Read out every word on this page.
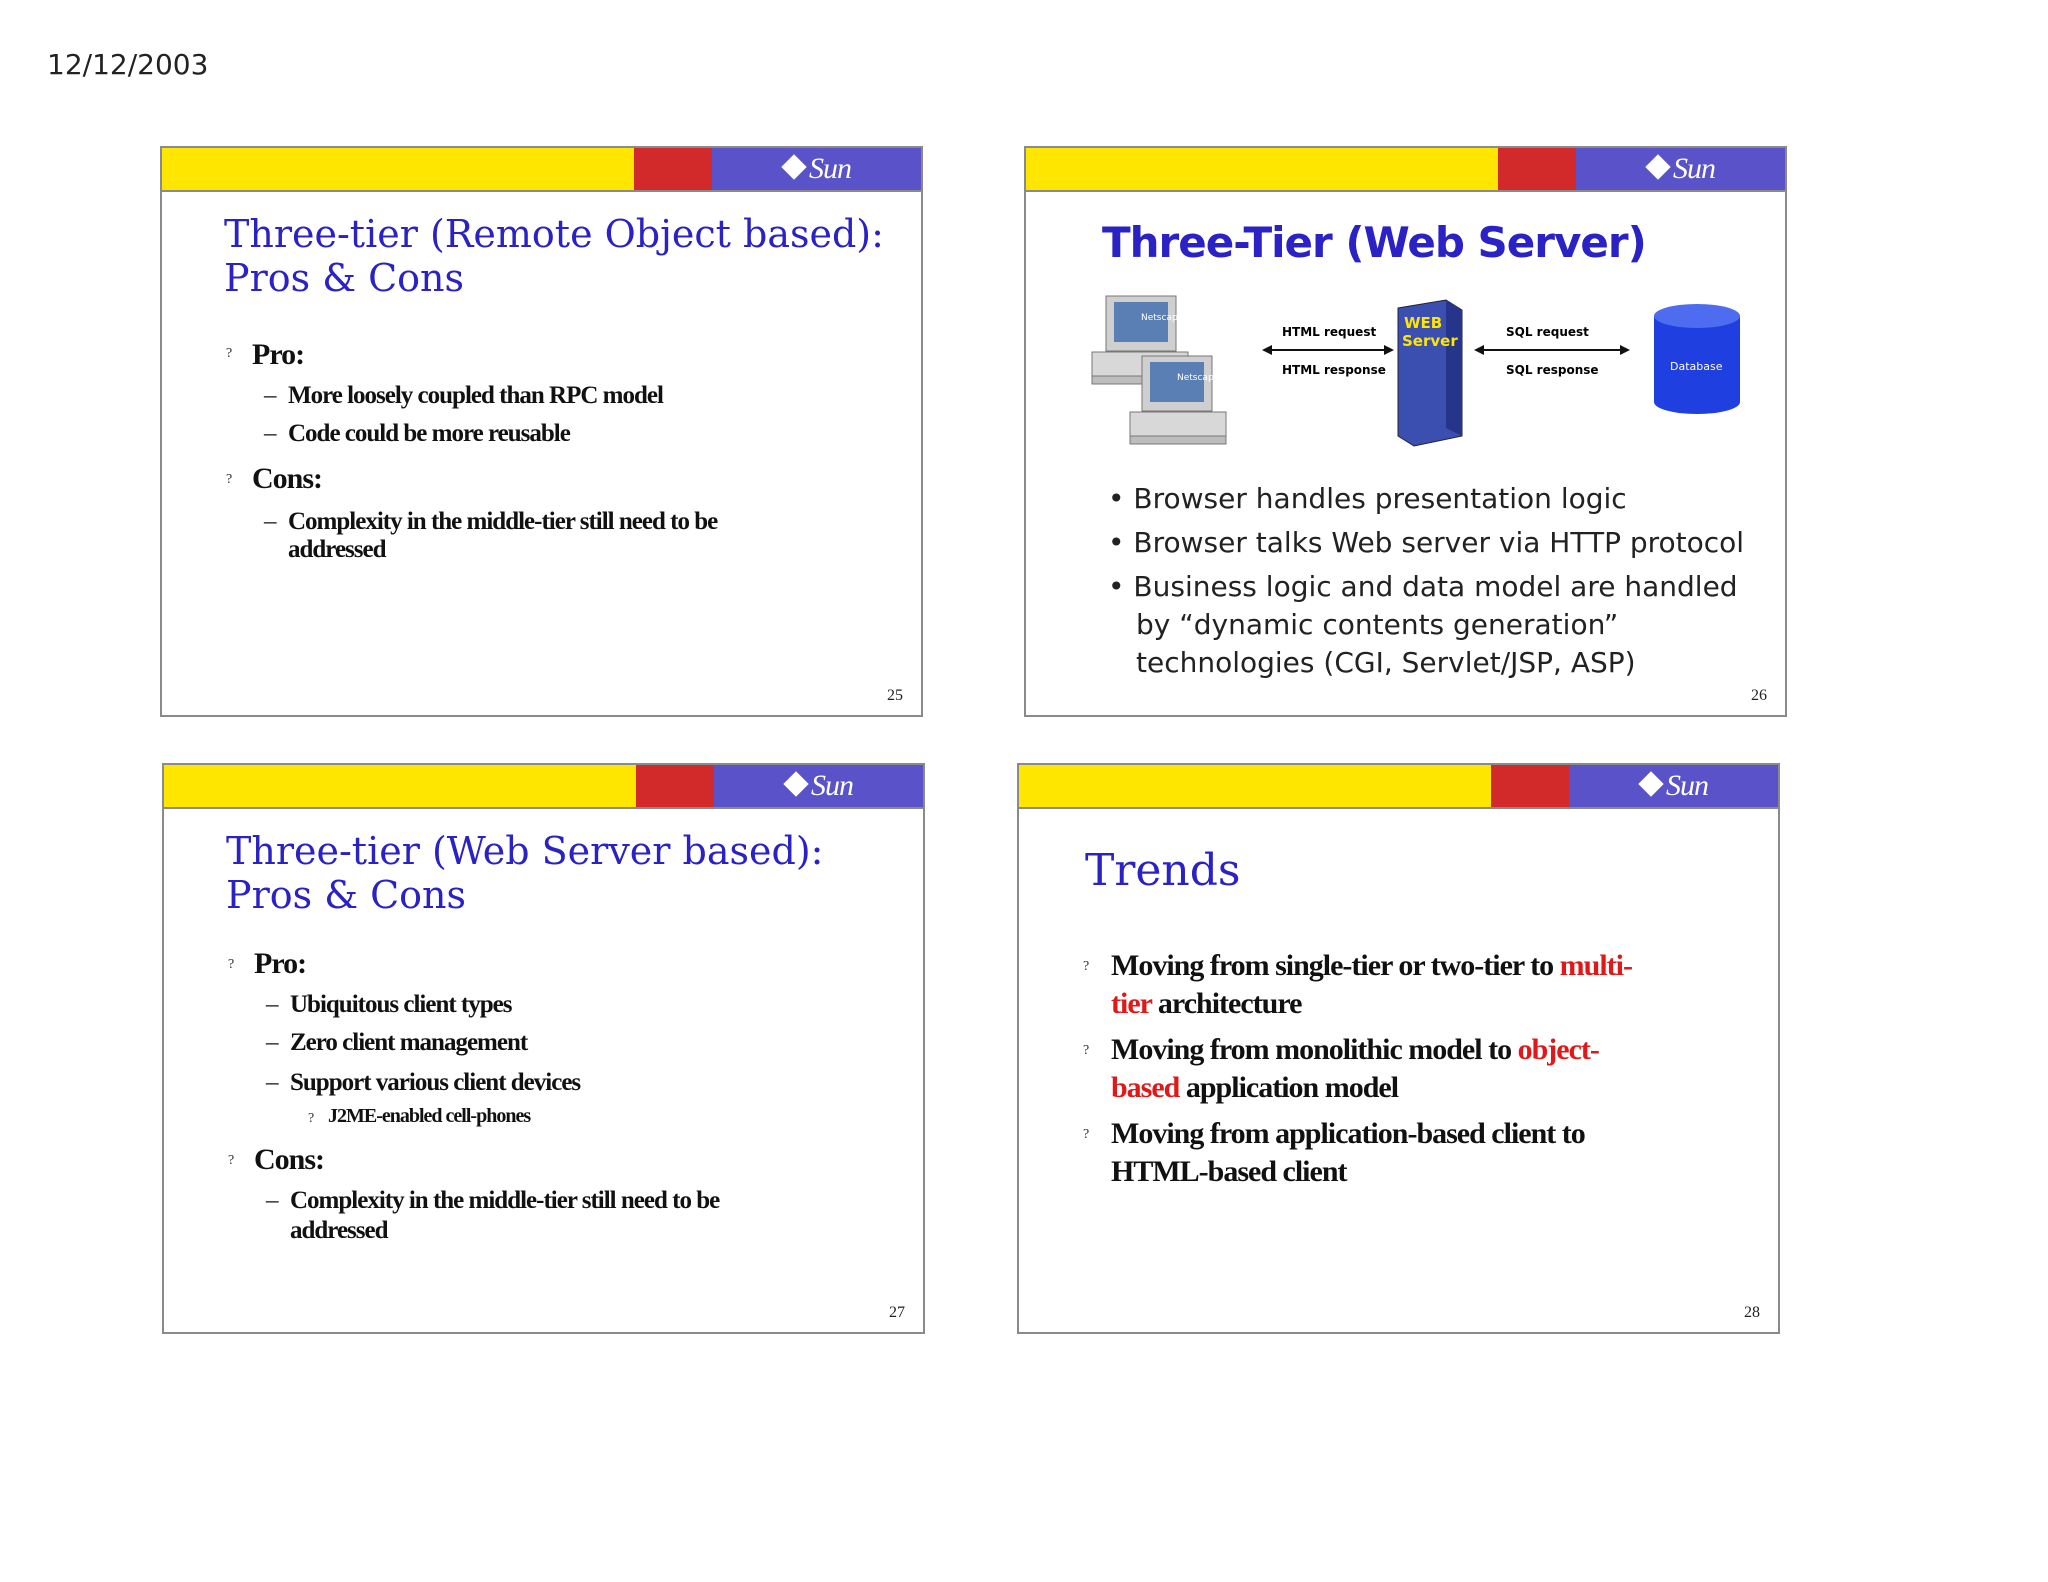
12/12/2003
Sun
Three-tier (Remote Object based):
Pros & Cons
? Pro:
– More loosely coupled than RPC model
– Code could be more reusable
? Cons:
– Complexity in the middle-tier still need to be
addressed
25
Sun
Three-Tier (Web Server)
Netscape
Netscape
HTML request
HTML response
WEB
Server	SQL request
SQL response	Database
• Browser handles presentation logic
• Browser talks Web server via HTTP protocol
• Business logic and data model are handled
by “dynamic contents generation”
technologies (CGI, Servlet/JSP, ASP)
26
Sun
Three-tier (Web Server based):
Pros & Cons
? Pro:
– Ubiquitous client types
– Zero client management
– Support various client devices
? J2ME-enabled cell-phones
? Cons:
– Complexity in the middle-tier still need to be
addressed
27
Sun
Trends
? Moving from single-tier or two-tier to multi-
tier architecture
? Moving from monolithic model to object-
based application model
? Moving from application-based client to
HTML-based client
28
